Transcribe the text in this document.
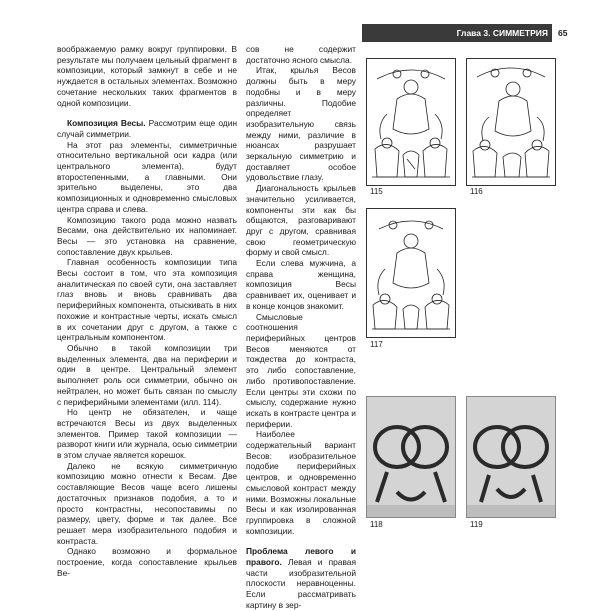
Глава 3. СИММЕТРИЯ 65

воображаемую рамку вокруг группировки. В результате мы получаем цельный фрагмент в композиции, который замкнут в себе и не нуждается в остальных элементах. Возможно сочетание нескольких таких фрагментов в одной композиции.

Композиция Весы. Рассмотрим еще один случай симметрии.

На этот раз элементы, симметричные относительно вертикальной оси кадра (или центрального элемента), будут второстепенными, а главными. Они зрительно выделены, это два композиционных и одновременно смысловых центра справа и слева.

Композицию такого рода можно назвать Весами, она действительно их напоминает. Весы — это установка на сравнение, сопоставление двух крыльев.

Главная особенность композиции типа Весы состоит в том, что эта композиция аналитическая по своей сути, она заставляет глаз вновь и вновь сравнивать два периферийных компонента, отыскивать в них похожие и контрастные черты, искать смысл в их сочетании друг с другом, а также с центральным компонентом.

Обычно в такой композиции три выделенных элемента, два на периферии и один в центре. Центральный элемент выполняет роль оси симметрии, обычно он нейтрален, но может быть связан по смыслу с периферийными элементами (илл. 114).

Но центр не обязателен, и чаще встречаются Весы из двух выделенных элементов. Пример такой композиции — разворот книги или журнала, осью симметрии в этом случае является корешок.

Далеко не всякую симметричную композицию можно отнести к Весам. Две составляющие Весов чаще всего лишены достаточных признаков подобия, а то и просто контрастны, несопоставимы по размеру, цвету, форме и так далее. Все решает мера изобразительного подобия и контраста.

Однако возможно и формальное построение, когда сопоставление крыльев Ве-

сов не содержит достаточно ясного смысла.

Итак, крылья Весов должны быть в меру подобны и в меру различны. Подобие определяет изобразительную связь между ними, различие в нюансах разрушает зеркальную симметрию и доставляет особое удовольствие глазу.

Диагональность крыльев значительно усиливается, компоненты эти как бы общаются, разговаривают друг с другом, сравнивая свою геометрическую форму и свой смысл.

Если слева мужчина, а справа женщина, композиция Весы сравнивает их, оценивает и в конце концов знакомит.

Смысловые соотношения периферийных центров Весов меняются от тождества до контраста, это либо сопоставление, либо противопоставление. Если центры эти схожи по смыслу, содержание нужно искать в контрасте центра и периферии.

Наиболее содержательный вариант Весов: изобразительное подобие периферийных центров, и одновременно смысловой контраст между ними. Возможны локальные Весы и как изолированная группировка в сложной композиции.

Проблема левого и правого. Левая и правая части изобразительной плоскости неравноценны. Если рассматривать картину в зер-

115	116
117
118	119
